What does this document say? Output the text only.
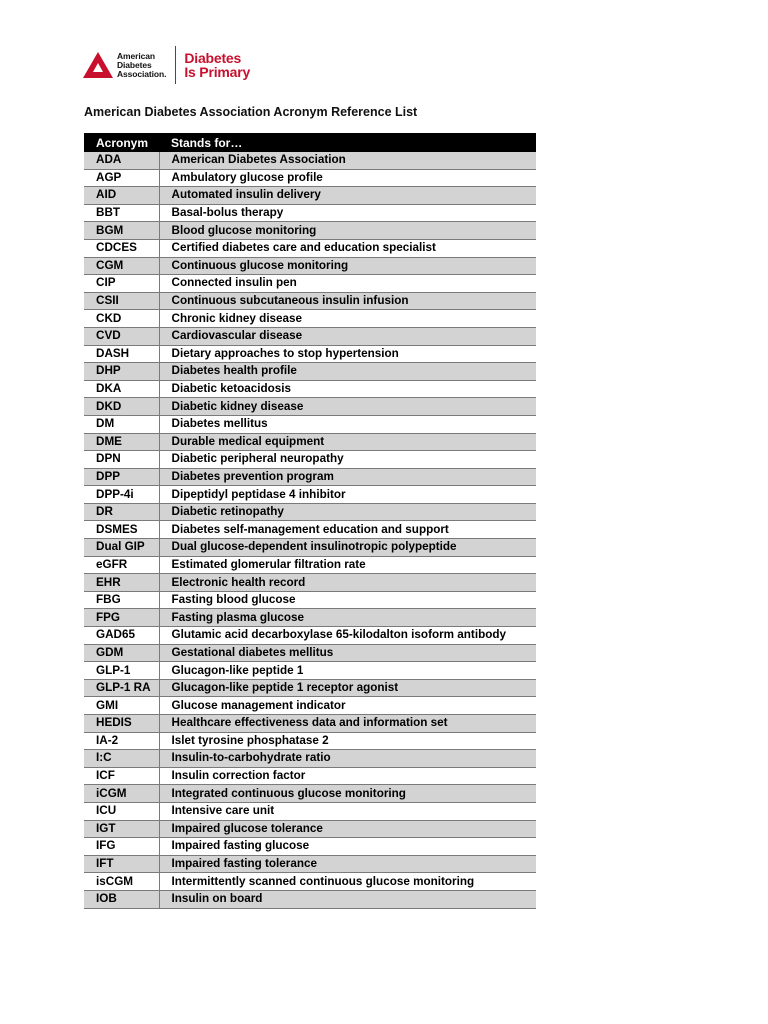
American
Diabetes
Association.
Diabetes
Is Primary
American Diabetes Association Acronym Reference List
Acronym	Stands for…
ADA	American Diabetes Association
AGP	Ambulatory glucose profile
AID	Automated insulin delivery
BBT	Basal-bolus therapy
BGM	Blood glucose monitoring
CDCES	Certified diabetes care and education specialist
CGM	Continuous glucose monitoring
CIP	Connected insulin pen
CSII	Continuous subcutaneous insulin infusion
CKD	Chronic kidney disease
CVD	Cardiovascular disease
DASH	Dietary approaches to stop hypertension
DHP	Diabetes health profile
DKA	Diabetic ketoacidosis
DKD	Diabetic kidney disease
DM	Diabetes mellitus
DME	Durable medical equipment
DPN	Diabetic peripheral neuropathy
DPP	Diabetes prevention program
DPP-4i	Dipeptidyl peptidase 4 inhibitor
DR	Diabetic retinopathy
DSMES	Diabetes self-management education and support
Dual GIP	Dual glucose-dependent insulinotropic polypeptide
eGFR	Estimated glomerular filtration rate
EHR	Electronic health record
FBG	Fasting blood glucose
FPG	Fasting plasma glucose
GAD65	Glutamic acid decarboxylase 65-kilodalton isoform antibody
GDM	Gestational diabetes mellitus
GLP-1	Glucagon-like peptide 1
GLP-1 RA	Glucagon-like peptide 1 receptor agonist
GMI	Glucose management indicator
HEDIS	Healthcare effectiveness data and information set
IA-2	Islet tyrosine phosphatase 2
I:C	Insulin-to-carbohydrate ratio
ICF	Insulin correction factor
iCGM	Integrated continuous glucose monitoring
ICU	Intensive care unit
IGT	Impaired glucose tolerance
IFG	Impaired fasting glucose
IFT	Impaired fasting tolerance
isCGM	Intermittently scanned continuous glucose monitoring
IOB	Insulin on board
